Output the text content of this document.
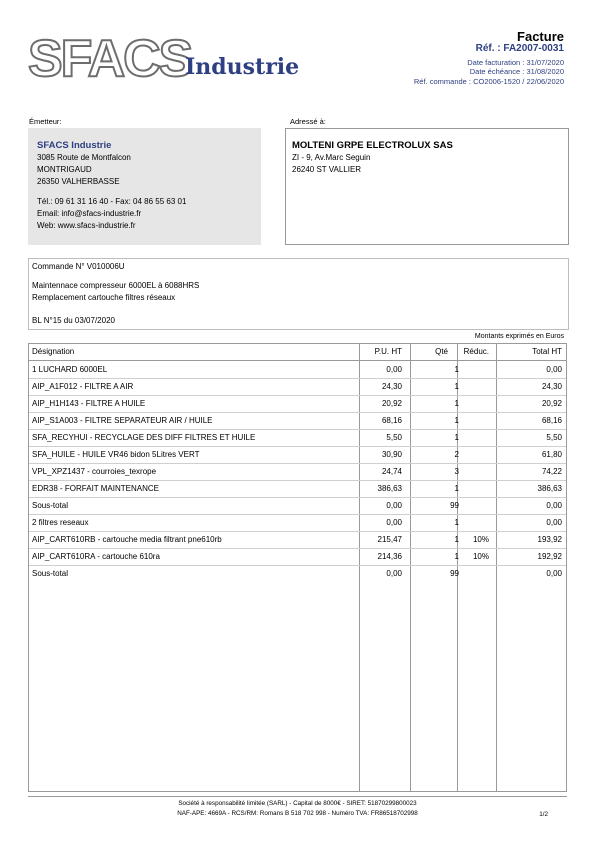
SFACS
Industrie
Facture
Réf. : FA2007-0031
Date facturation : 31/07/2020
Date échéance : 31/08/2020
Réf. commande : CO2006-1520 / 22/06/2020
Émetteur:	Adressé à:
SFACS Industrie
3085 Route de Montfalcon
MONTRIGAUD
26350 VALHERBASSE
Tél.: 09 61 31 16 40 - Fax: 04 86 55 63 01
Email: info@sfacs-industrie.fr
Web: www.sfacs-industrie.fr
MOLTENI GRPE ELECTROLUX SAS
ZI - 9, Av.Marc Seguin
26240 ST VALLIER
Commande N° V010006U
Maintennace compresseur 6000EL à 6088HRS
Remplacement cartouche filtres réseaux
BL N°15 du 03/07/2020
Montants exprimés en Euros
Désignation	P.U. HT	Qté Réduc.	Total HT
1 LUCHARD 6000EL	0,00	1	0,00
AIP_A1F012 - FILTRE A AIR	24,30	1	24,30
AIP_H1H143 - FILTRE A HUILE	20,92	1	20,92
AIP_S1A003 - FILTRE SEPARATEUR AIR / HUILE	68,16	1	68,16
SFA_RECYHUI - RECYCLAGE DES DIFF FILTRES ET HUILE	5,50	1	5,50
SFA_HUILE - HUILE VR46 bidon 5Litres VERT	30,90	2	61,80
VPL_XPZ1437 - courroies_texrope	24,74	3	74,22
EDR38 - FORFAIT MAINTENANCE	386,63	1	386,63
Sous-total	0,00	99	0,00
2 filtres reseaux	0,00	1	0,00
AIP_CART610RB - cartouche media filtrant pne610rb	215,47	1 10%	193,92
AIP_CART610RA - cartouche 610ra	214,36	1 10%	192,92
Sous-total	0,00	99	0,00
Société à responsabilité limitée (SARL) - Capital de 8000€ - SIRET: 51870299800023
NAF-APE: 4669A - RCS/RM: Romans B 518 702 998 - Numéro TVA: FR86518702998	1/2
